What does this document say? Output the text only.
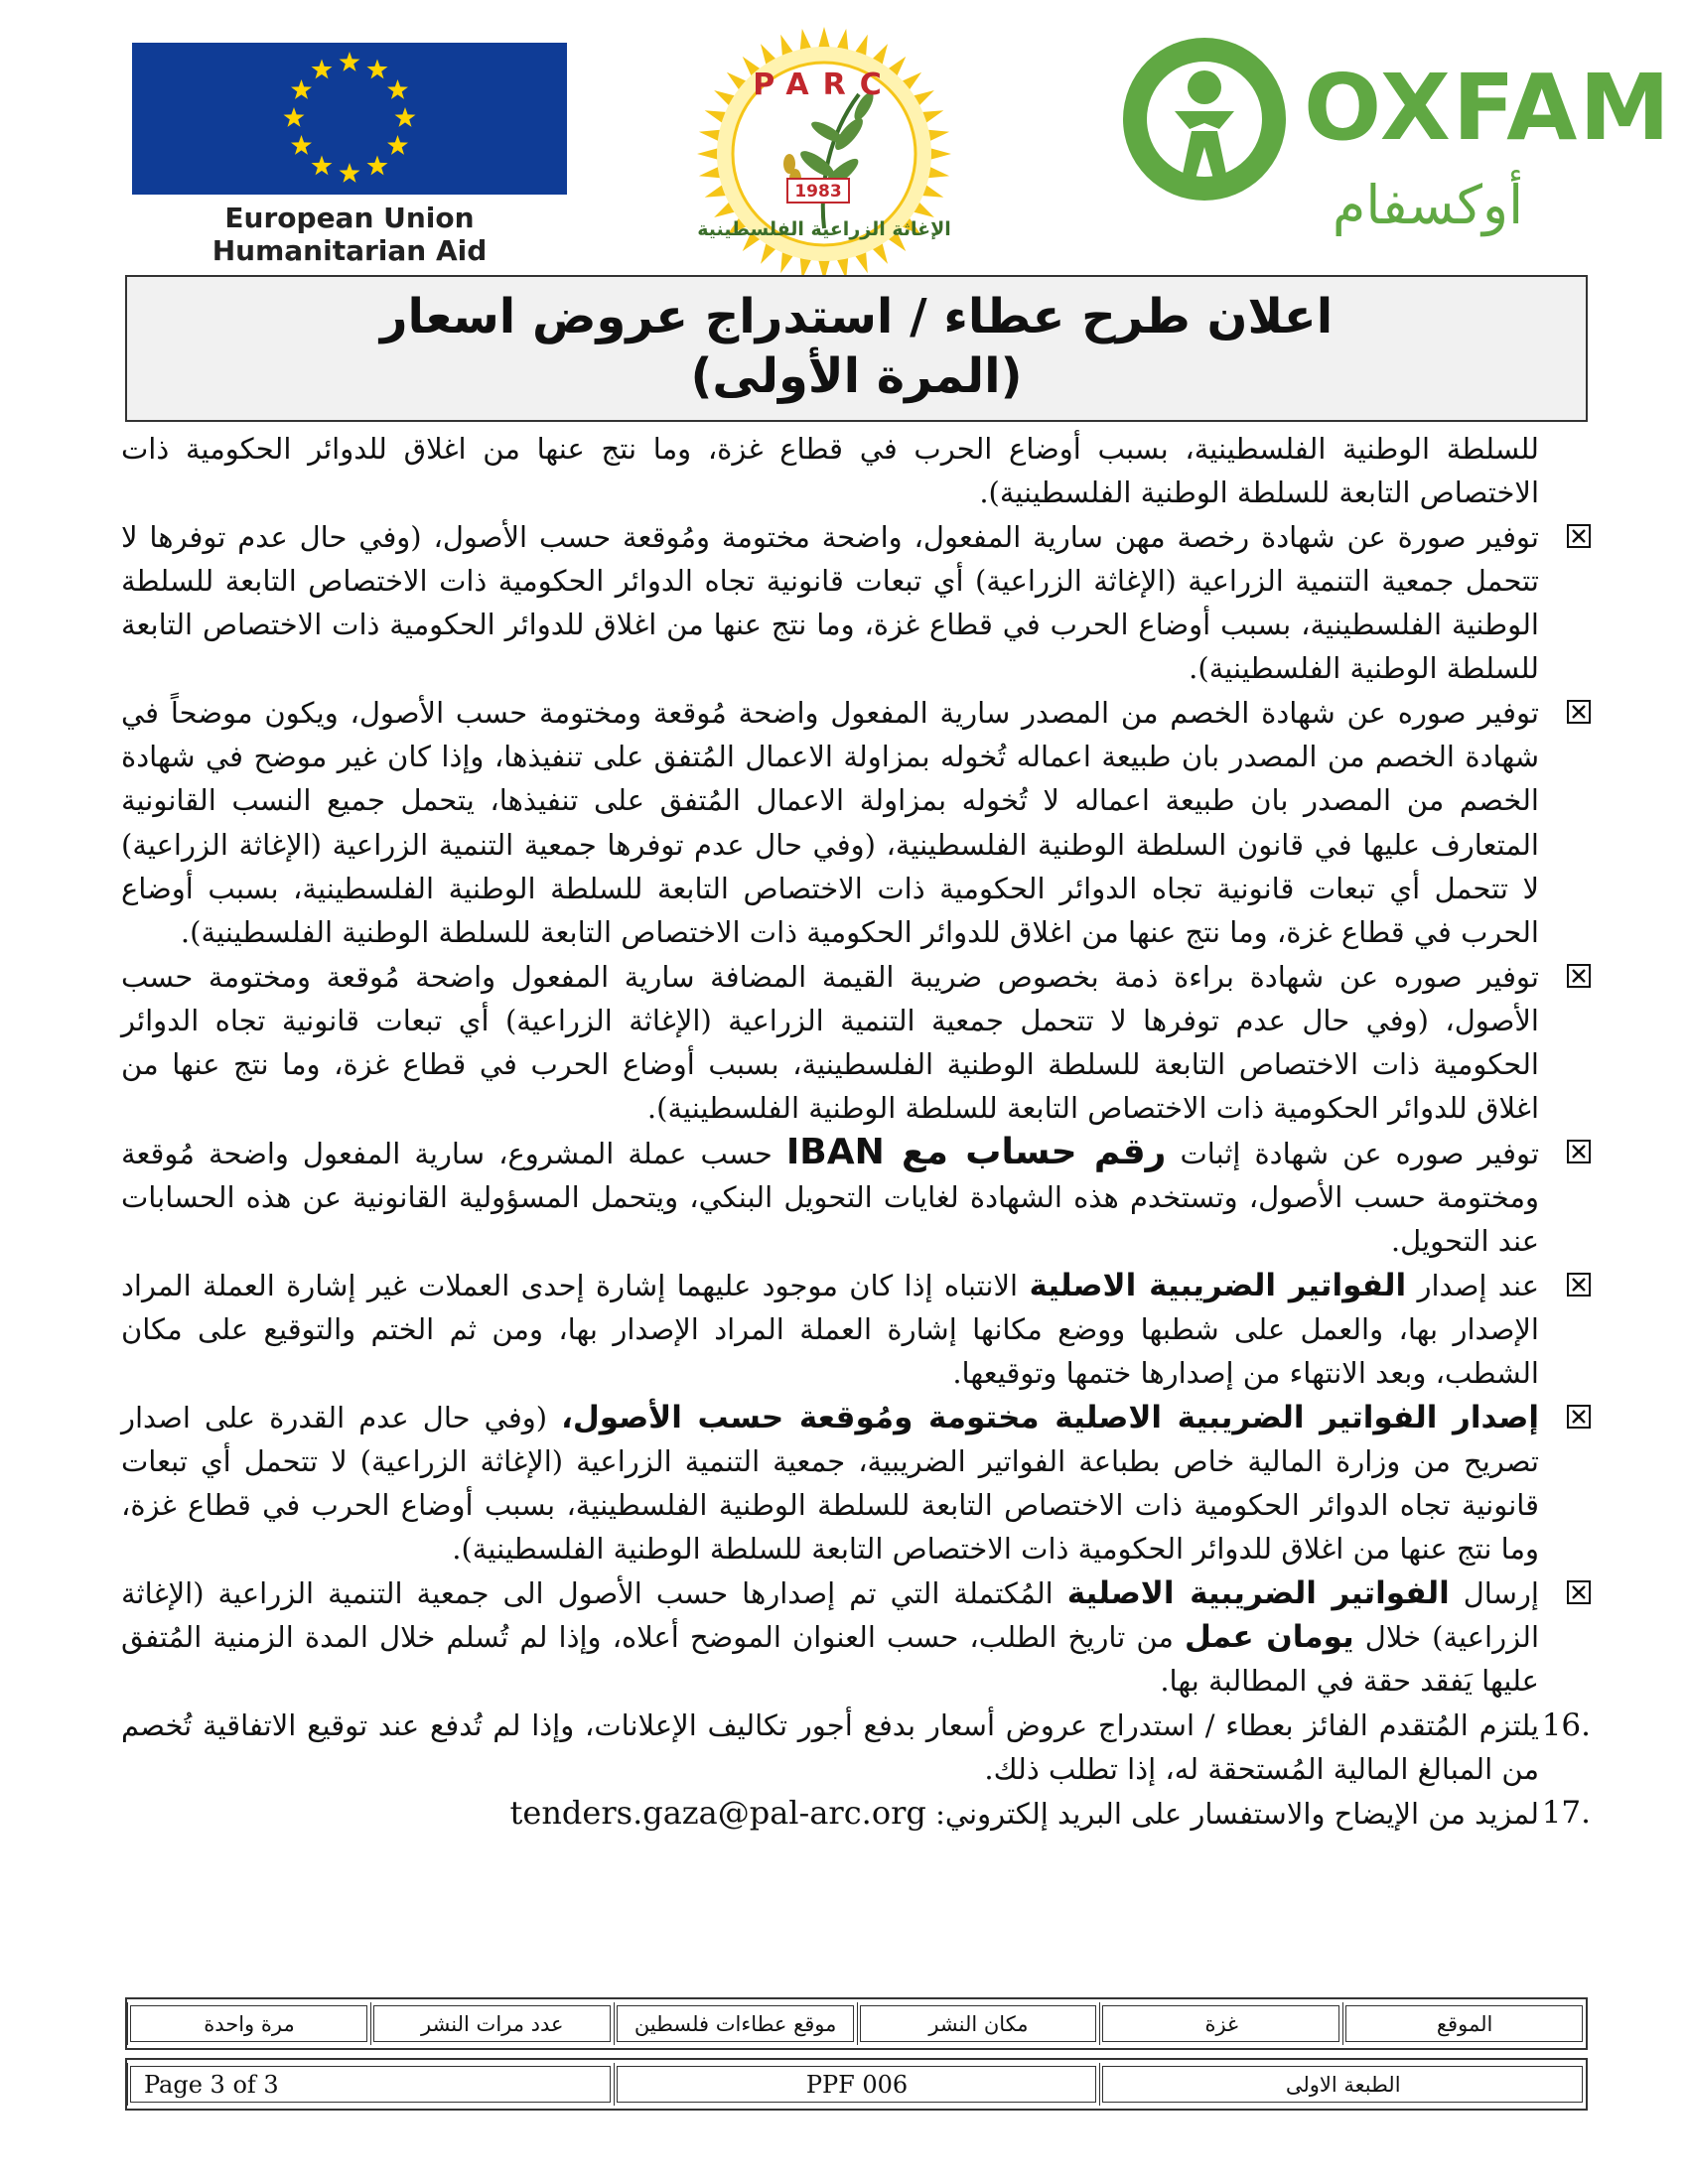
European Union
Humanitarian Aid
1983
PARC
الإغاثة الزراعية الفلسطينية
OXFAM
أوكسفام
اعلان طرح عطاء / استدراج عروض اسعار
(المرة الأولى)

للسلطة الوطنية الفلسطينية، بسبب أوضاع الحرب في قطاع غزة، وما نتج عنها من اغلاق للدوائر الحكومية ذات الاختصاص التابعة للسلطة الوطنية الفلسطينية).

توفير صورة عن شهادة رخصة مهن سارية المفعول، واضحة مختومة ومُوقعة حسب الأصول، (وفي حال عدم توفرها لا تتحمل جمعية التنمية الزراعية (الإغاثة الزراعية) أي تبعات قانونية تجاه الدوائر الحكومية ذات الاختصاص التابعة للسلطة الوطنية الفلسطينية، بسبب أوضاع الحرب في قطاع غزة، وما نتج عنها من اغلاق للدوائر الحكومية ذات الاختصاص التابعة للسلطة الوطنية الفلسطينية).
توفير صوره عن شهادة الخصم من المصدر سارية المفعول واضحة مُوقعة ومختومة حسب الأصول، ويكون موضحاً في شهادة الخصم من المصدر بان طبيعة اعماله تُخوله بمزاولة الاعمال المُتفق على تنفيذها، وإذا كان غير موضح في شهادة الخصم من المصدر بان طبيعة اعماله لا تُخوله بمزاولة الاعمال المُتفق على تنفيذها، يتحمل جميع النسب القانونية المتعارف عليها في قانون السلطة الوطنية الفلسطينية، (وفي حال عدم توفرها جمعية التنمية الزراعية (الإغاثة الزراعية) لا تتحمل أي تبعات قانونية تجاه الدوائر الحكومية ذات الاختصاص التابعة للسلطة الوطنية الفلسطينية، بسبب أوضاع الحرب في قطاع غزة، وما نتج عنها من اغلاق للدوائر الحكومية ذات الاختصاص التابعة للسلطة الوطنية الفلسطينية).
توفير صوره عن شهادة براءة ذمة بخصوص ضريبة القيمة المضافة سارية المفعول واضحة مُوقعة ومختومة حسب الأصول، (وفي حال عدم توفرها لا تتحمل جمعية التنمية الزراعية (الإغاثة الزراعية) أي تبعات قانونية تجاه الدوائر الحكومية ذات الاختصاص التابعة للسلطة الوطنية الفلسطينية، بسبب أوضاع الحرب في قطاع غزة، وما نتج عنها من اغلاق للدوائر الحكومية ذات الاختصاص التابعة للسلطة الوطنية الفلسطينية).
توفير صوره عن شهادة إثبات رقم حساب مع IBAN حسب عملة المشروع، سارية المفعول واضحة مُوقعة ومختومة حسب الأصول، وتستخدم هذه الشهادة لغايات التحويل البنكي، ويتحمل المسؤولية القانونية عن هذه الحسابات عند التحويل.
عند إصدار الفواتير الضريبية الاصلية الانتباه إذا كان موجود عليهما إشارة إحدى العملات غير إشارة العملة المراد الإصدار بها، والعمل على شطبها ووضع مكانها إشارة العملة المراد الإصدار بها، ومن ثم الختم والتوقيع على مكان الشطب، وبعد الانتهاء من إصدارها ختمها وتوقيعها.
إصدار الفواتير الضريبية الاصلية مختومة ومُوقعة حسب الأصول، (وفي حال عدم القدرة على اصدار تصريح من وزارة المالية خاص بطباعة الفواتير الضريبية، جمعية التنمية الزراعية (الإغاثة الزراعية) لا تتحمل أي تبعات قانونية تجاه الدوائر الحكومية ذات الاختصاص التابعة للسلطة الوطنية الفلسطينية، بسبب أوضاع الحرب في قطاع غزة، وما نتج عنها من اغلاق للدوائر الحكومية ذات الاختصاص التابعة للسلطة الوطنية الفلسطينية).
إرسال الفواتير الضريبية الاصلية المُكتملة التي تم إصدارها حسب الأصول الى جمعية التنمية الزراعية (الإغاثة الزراعية) خلال يومان عمل من تاريخ الطلب، حسب العنوان الموضح أعلاه، وإذا لم تُسلم خلال المدة الزمنية المُتفق عليها يَفقد حقة في المطالبة بها.
16.
يلتزم المُتقدم الفائز بعطاء / استدراج عروض أسعار بدفع أجور تكاليف الإعلانات، وإذا لم تُدفع عند توقيع الاتفاقية تُخصم من المبالغ المالية المُستحقة له، إذا تطلب ذلك.
17.
لمزيد من الإيضاح والاستفسار على البريد إلكتروني: tenders.gaza@pal-arc.org
الموقع
غزة
مكان النشر
موقع عطاءات فلسطين
عدد مرات النشر
مرة واحدة
الطبعة الاولى
PPF 006
Page 3 of 3
